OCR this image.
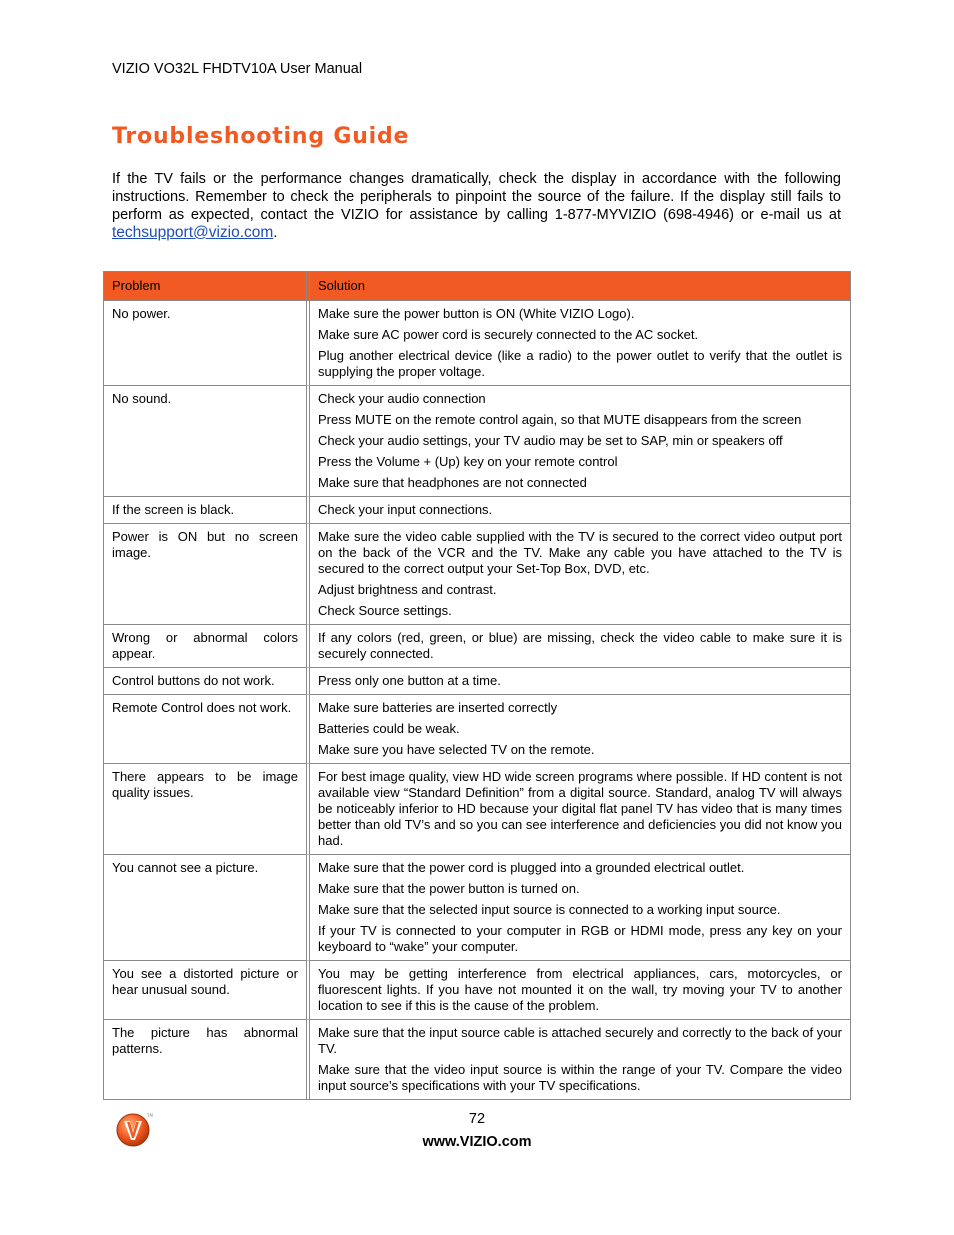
VIZIO VO32L FHDTV10A User Manual
Troubleshooting Guide
If the TV fails or the performance changes dramatically, check the display in accordance with the following instructions. Remember to check the peripherals to pinpoint the source of the failure. If the display still fails to perform as expected, contact the VIZIO for assistance by calling 1-877-MYVIZIO (698-4946) or e-mail us at techsupport@vizio.com.
Problem	Solution

No power.	Make sure the power button is ON (White VIZIO Logo).
Make sure AC power cord is securely connected to the AC socket.
Plug another electrical device (like a radio) to the power outlet to verify that the outlet is supplying the proper voltage.

No sound.	Check your audio connection
Press MUTE on the remote control again, so that MUTE disappears from the screen
Check your audio settings, your TV audio may be set to SAP, min or speakers off
Press the Volume + (Up) key on your remote control
Make sure that headphones are not connected

If the screen is black.	Check your input connections.

Power is ON but no screen image.	Make sure the video cable supplied with the TV is secured to the correct video output port on the back of the VCR and the TV. Make any cable you have attached to the TV is secured to the correct output your Set-Top Box, DVD, etc.
Adjust brightness and contrast.
Check Source settings.

Wrong or abnormal colors appear.	If any colors (red, green, or blue) are missing, check the video cable to make sure it is securely connected.

Control buttons do not work.	Press only one button at a time.

Remote Control does not work.	Make sure batteries are inserted correctly
Batteries could be weak.
Make sure you have selected TV on the remote.

There appears to be image quality issues.	For best image quality, view HD wide screen programs where possible. If HD content is not available view “Standard Definition” from a digital source. Standard, analog TV will always be noticeably inferior to HD because your digital flat panel TV has video that is many times better than old TV’s and so you can see interference and deficiencies you did not know you had.

You cannot see a picture.	Make sure that the power cord is plugged into a grounded electrical outlet.
Make sure that the power button is turned on.
Make sure that the selected input source is connected to a working input source.
If your TV is connected to your computer in RGB or HDMI mode, press any key on your keyboard to “wake” your computer.

You see a distorted picture or hear unusual sound.	You may be getting interference from electrical appliances, cars, motorcycles, or fluorescent lights. If you have not mounted it on the wall, try moving your TV to another location to see if this is the cause of the problem.

The picture has abnormal patterns.	Make sure that the input source cable is attached securely and correctly to the back of your TV.
Make sure that the video input source is within the range of your TV. Compare the video input source’s specifications with your TV specifications.
TM	72
www.VIZIO.com
